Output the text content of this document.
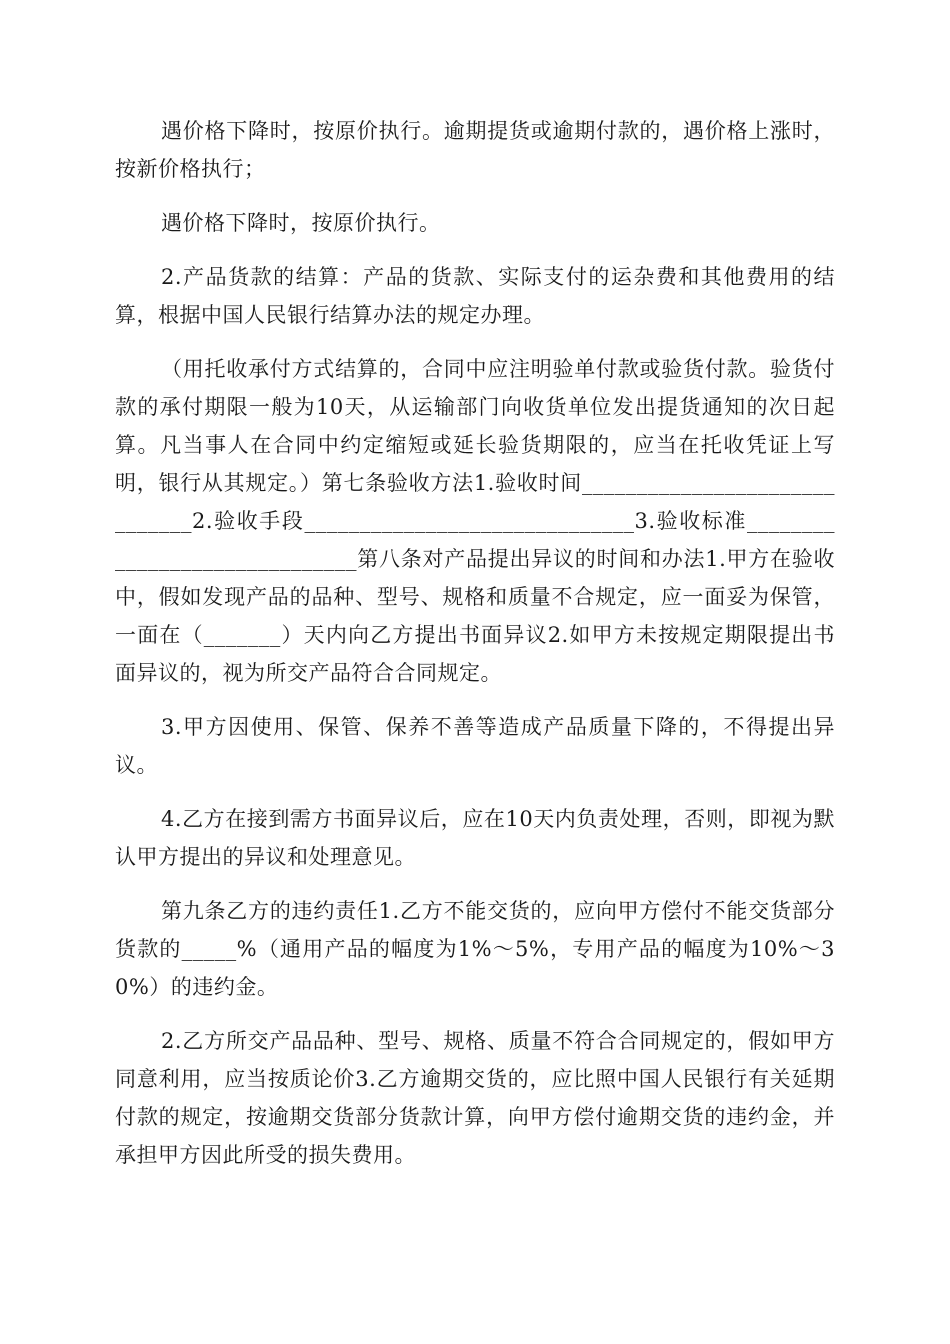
遇价格下降时，按原价执行。逾期提货或逾期付款的，遇价格上涨时，按新价格执行；

遇价格下降时，按原价执行。

2.产品货款的结算：产品的货款、实际支付的运杂费和其他费用的结算，根据中国人民银行结算办法的规定办理。

（用托收承付方式结算的，合同中应注明验单付款或验货付款。验货付款的承付期限一般为10天，从运输部门向收货单位发出提货通知的次日起算。凡当事人在合同中约定缩短或延长验货期限的，应当在托收凭证上写明，银行从其规定。）第七条验收方法1.验收时间______________________________2.验收手段______________________________3.验收标准______________________________第八条对产品提出异议的时间和办法1.甲方在验收中，假如发现产品的品种、型号、规格和质量不合规定，应一面妥为保管，一面在（_______）天内向乙方提出书面异议2.如甲方未按规定期限提出书面异议的，视为所交产品符合合同规定。

3.甲方因使用、保管、保养不善等造成产品质量下降的，不得提出异议。

4.乙方在接到需方书面异议后，应在10天内负责处理，否则，即视为默认甲方提出的异议和处理意见。

第九条乙方的违约责任1.乙方不能交货的，应向甲方偿付不能交货部分货款的_____%（通用产品的幅度为1%～5%，专用产品的幅度为10%～30%）的违约金。

2.乙方所交产品品种、型号、规格、质量不符合合同规定的，假如甲方同意利用，应当按质论价3.乙方逾期交货的，应比照中国人民银行有关延期付款的规定，按逾期交货部分货款计算，向甲方偿付逾期交货的违约金，并承担甲方因此所受的损失费用。
